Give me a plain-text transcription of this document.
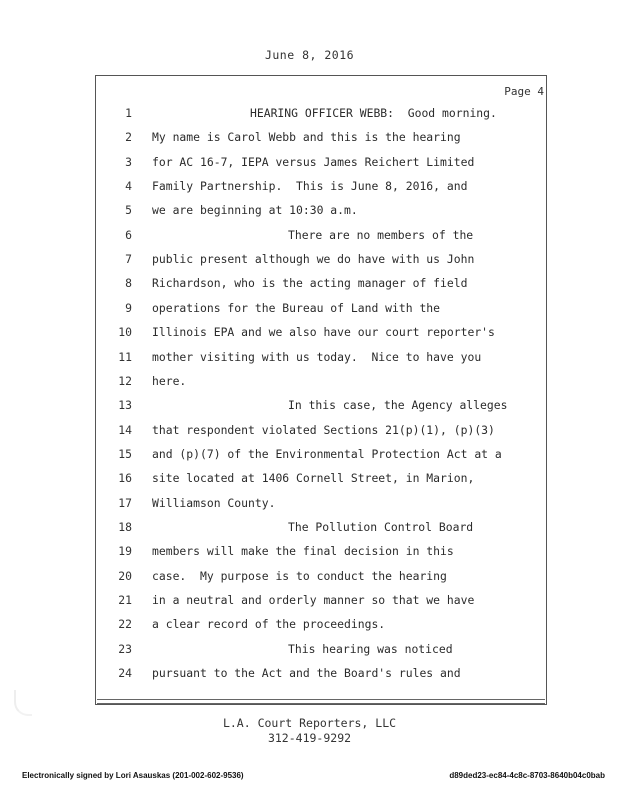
June 8, 2016
Page 4
1	HEARING OFFICER WEBB:  Good morning.
2 My name is Carol Webb and this is the hearing
3 for AC 16-7, IEPA versus James Reichert Limited
4 Family Partnership.  This is June 8, 2016, and
5 we are beginning at 10:30 a.m.
6	There are no members of the
7 public present although we do have with us John
8 Richardson, who is the acting manager of field
9 operations for the Bureau of Land with the
10 Illinois EPA and we also have our court reporter's
11 mother visiting with us today.  Nice to have you
12 here.
13	In this case, the Agency alleges
14 that respondent violated Sections 21(p)(1), (p)(3)
15 and (p)(7) of the Environmental Protection Act at a
16 site located at 1406 Cornell Street, in Marion,
17 Williamson County.
18	The Pollution Control Board
19 members will make the final decision in this
20 case.  My purpose is to conduct the hearing
21 in a neutral and orderly manner so that we have
22 a clear record of the proceedings.
23	This hearing was noticed
24 pursuant to the Act and the Board's rules and
L.A. Court Reporters, LLC
312-419-9292
Electronically signed by Lori Asauskas (201-002-602-9536)	d89ded23-ec84-4c8c-8703-8640b04c0bab
